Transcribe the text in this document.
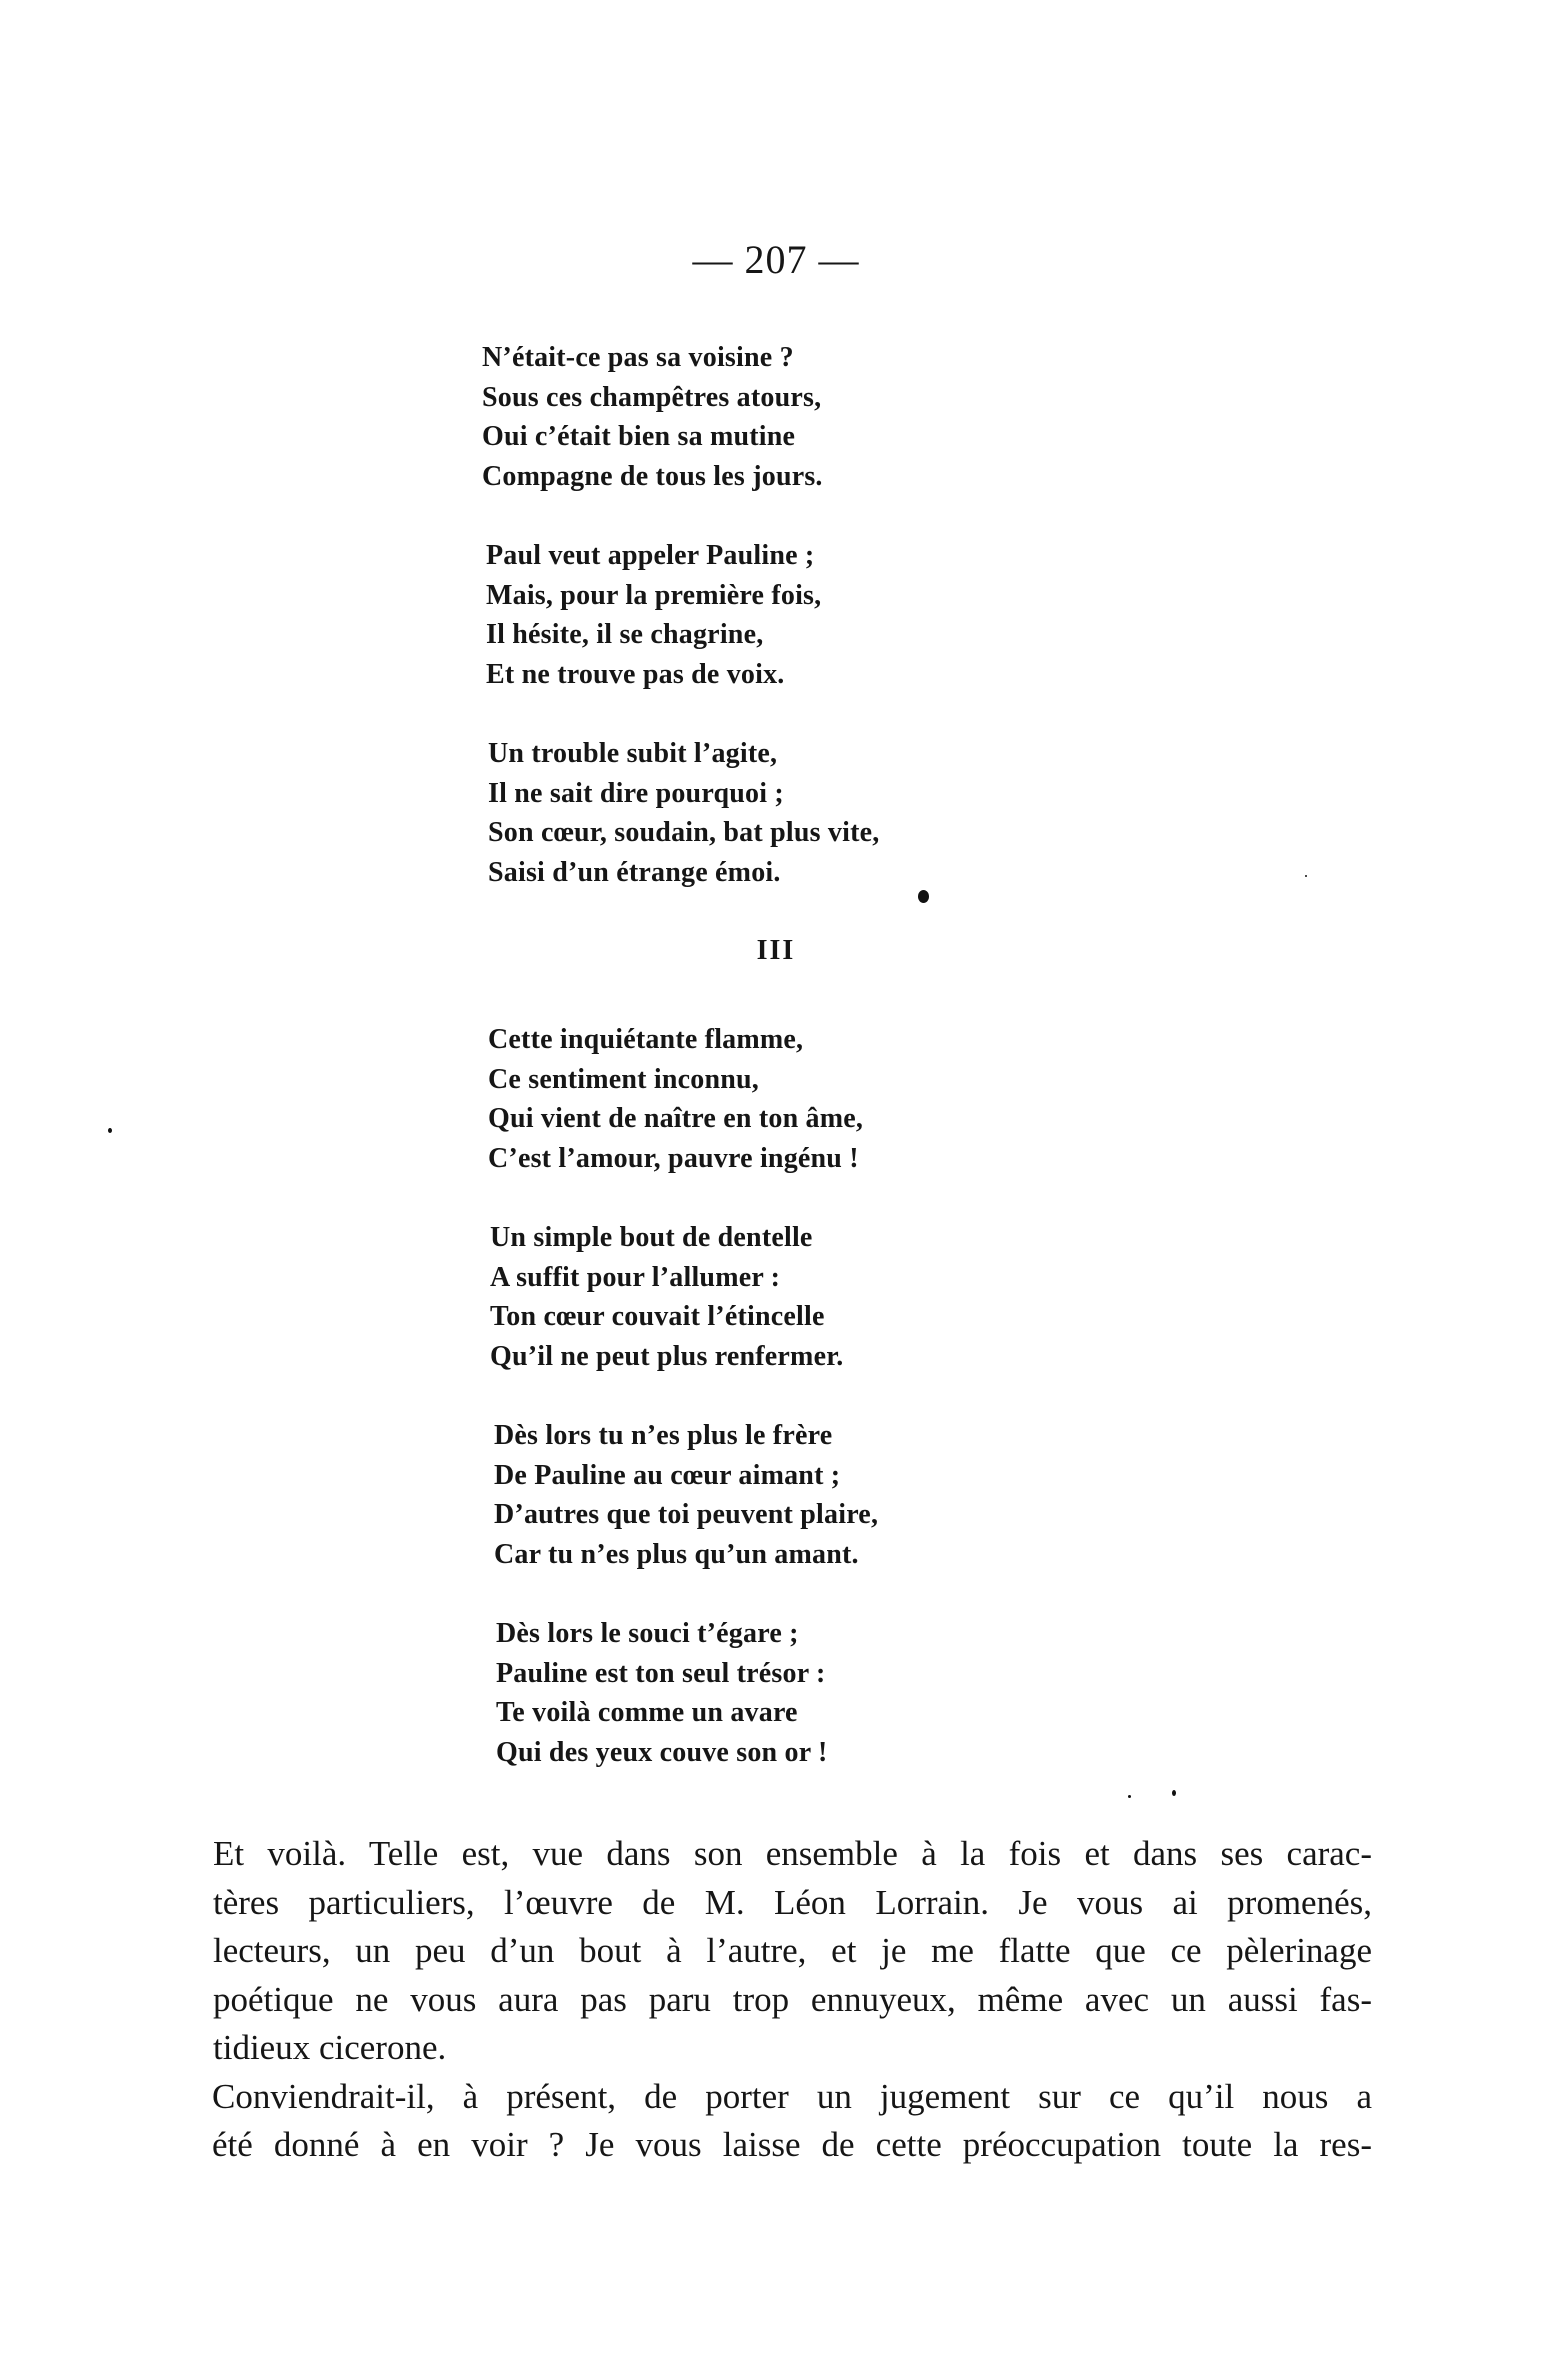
— 207 —
N’était-ce pas sa voisine ?
Sous ces champêtres atours,
Oui c’était bien sa mutine
Compagne de tous les jours.
Paul veut appeler Pauline ;
Mais, pour la première fois,
Il hésite, il se chagrine,
Et ne trouve pas de voix.
Un trouble subit l’agite,
Il ne sait dire pourquoi ;
Son cœur, soudain, bat plus vite,
Saisi d’un étrange émoi.
III
Cette inquiétante flamme,
Ce sentiment inconnu,
Qui vient de naître en ton âme,
C’est l’amour, pauvre ingénu !
Un simple bout de dentelle
A suffit pour l’allumer :
Ton cœur couvait l’étincelle
Qu’il ne peut plus renfermer.
Dès lors tu n’es plus le frère
De Pauline au cœur aimant ;
D’autres que toi peuvent plaire,
Car tu n’es plus qu’un amant.
Dès lors le souci t’égare ;
Pauline est ton seul trésor :
Te voilà comme un avare
Qui des yeux couve son or !

Et voilà. Telle est, vue dans son ensemble à la fois et dans ses carac-
tères particuliers, l’œuvre de M. Léon Lorrain. Je vous ai promenés,
lecteurs, un peu d’un bout à l’autre, et je me flatte que ce pèlerinage
poétique ne vous aura pas paru trop ennuyeux, même avec un aussi fas-
tidieux cicerone.

Conviendrait-il, à présent, de porter un jugement sur ce qu’il nous a
été donné à en voir ? Je vous laisse de cette préoccupation toute la res-
